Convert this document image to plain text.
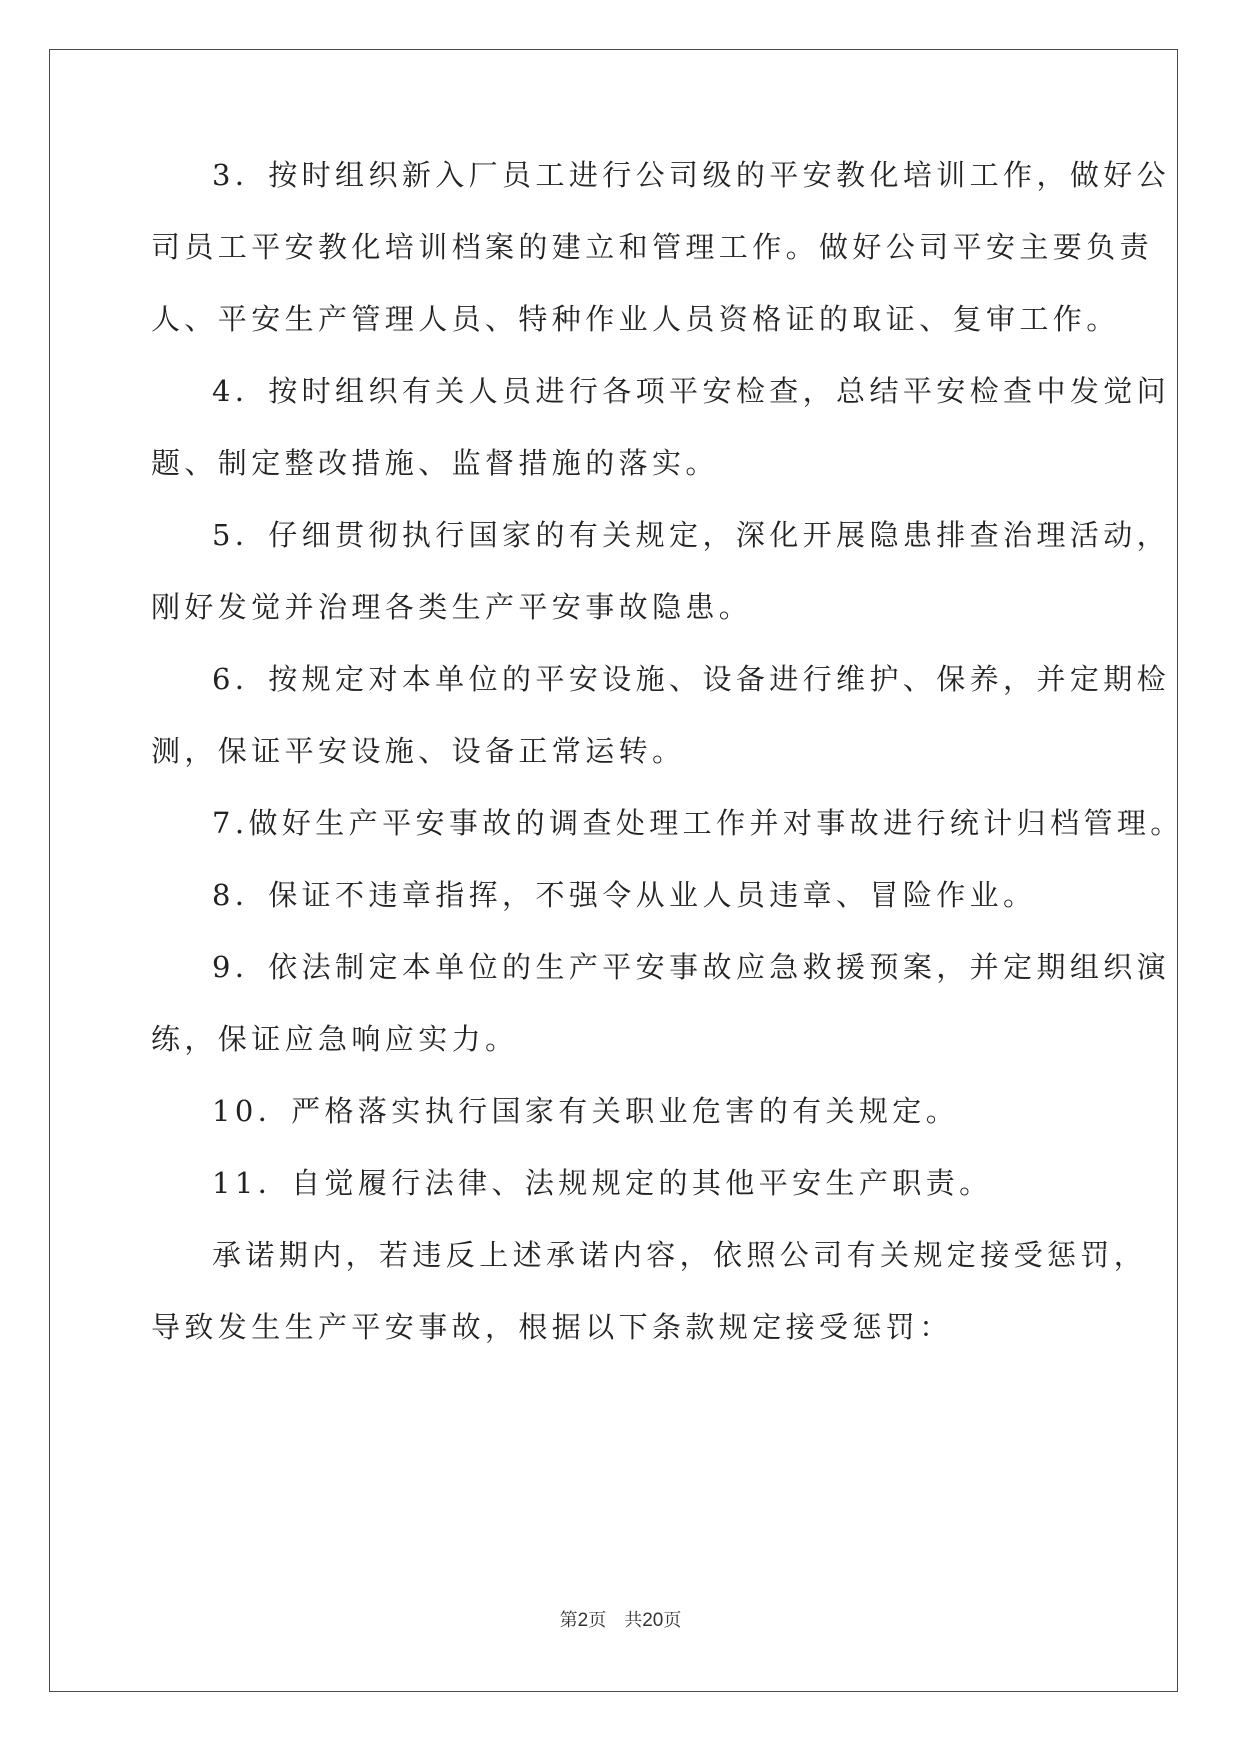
3．按时组织新入厂员工进行公司级的平安教化培训工作，做好公
司员工平安教化培训档案的建立和管理工作。做好公司平安主要负责
人、平安生产管理人员、特种作业人员资格证的取证、复审工作。
4．按时组织有关人员进行各项平安检查，总结平安检查中发觉问
题、制定整改措施、监督措施的落实。
5．仔细贯彻执行国家的有关规定，深化开展隐患排查治理活动，
刚好发觉并治理各类生产平安事故隐患。
6．按规定对本单位的平安设施、设备进行维护、保养，并定期检
测，保证平安设施、设备正常运转。
7.做好生产平安事故的调查处理工作并对事故进行统计归档管理。
8．保证不违章指挥，不强令从业人员违章、冒险作业。
9．依法制定本单位的生产平安事故应急救援预案，并定期组织演
练，保证应急响应实力。
10．严格落实执行国家有关职业危害的有关规定。
11．自觉履行法律、法规规定的其他平安生产职责。
承诺期内，若违反上述承诺内容，依照公司有关规定接受惩罚，
导致发生生产平安事故，根据以下条款规定接受惩罚：
第2页　 共20页
